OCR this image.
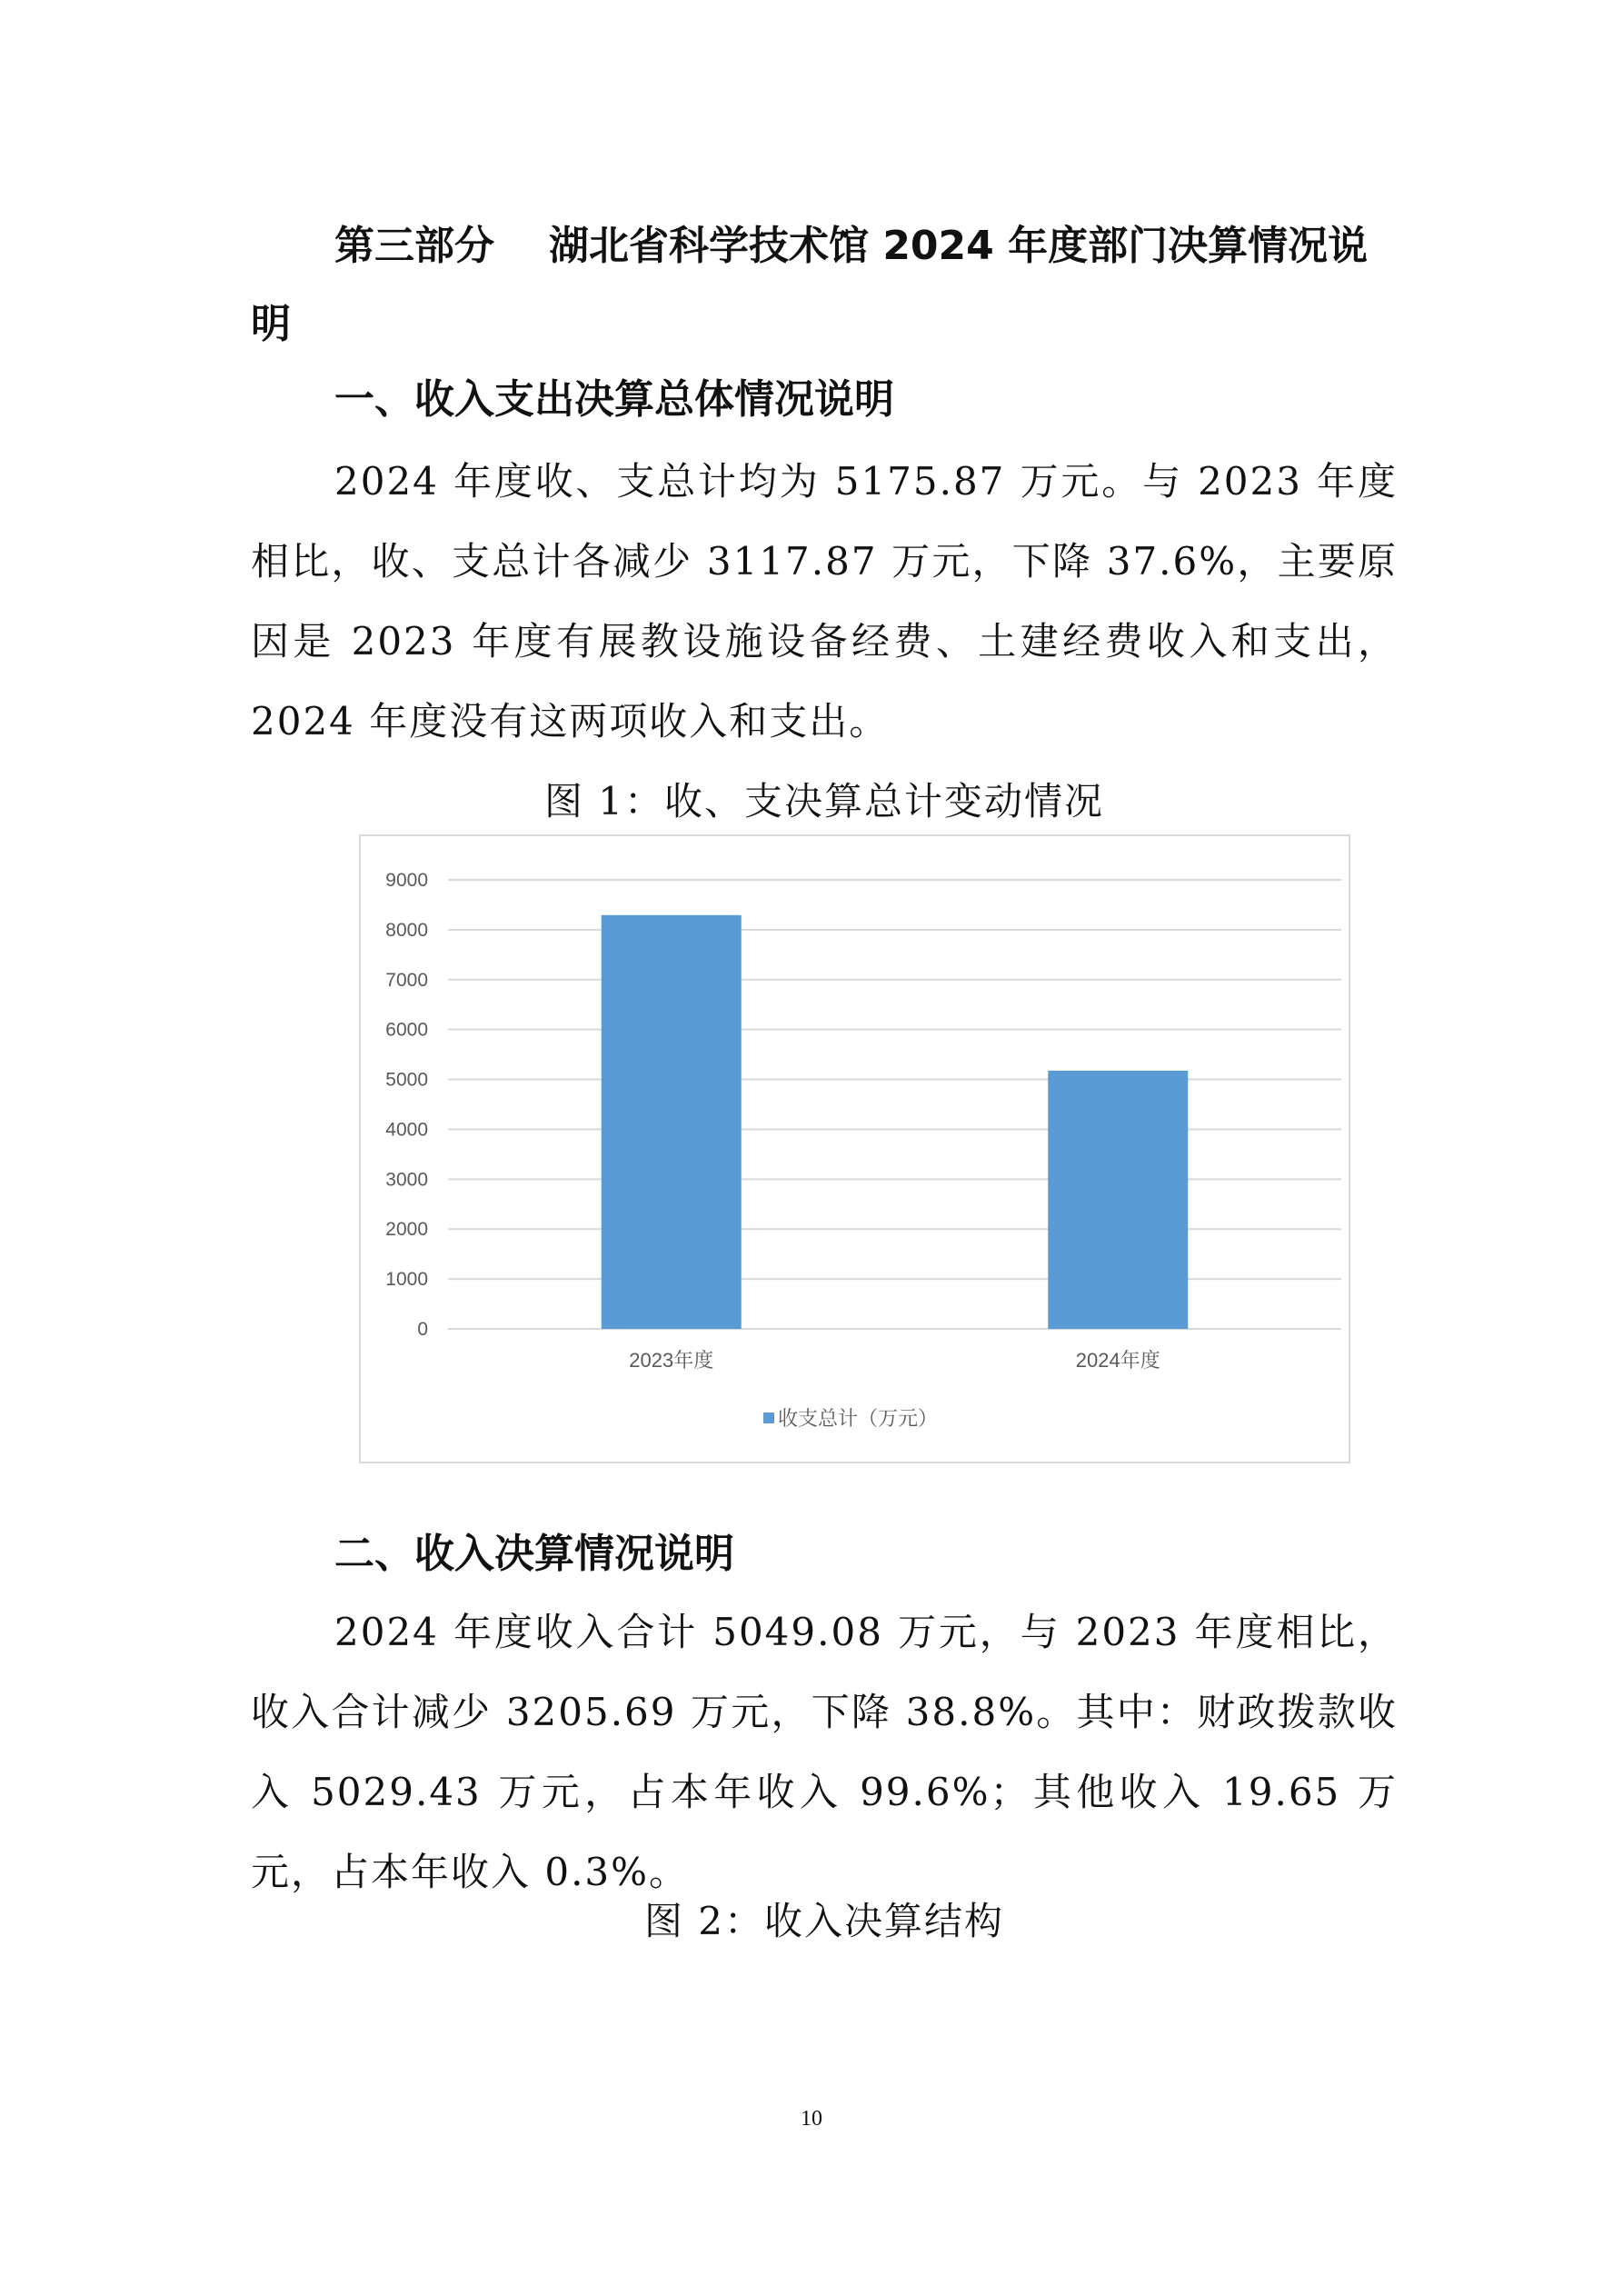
第三部分 湖北省科学技术馆 2024 年度部门决算情况说明
一、收入支出决算总体情况说明

2024 年度收、支总计均为 5175.87 万元。与 2023 年度相比，收、支总计各减少 3117.87 万元，下降 37.6%，主要原因是 2023 年度有展教设施设备经费、土建经费收入和支出，2024 年度没有这两项收入和支出。

图 1：收、支决算总计变动情况

0
1000
2000
3000
4000
5000
6000
7000
8000
9000
2023年度	2024年度
收支总计（万元）
二、收入决算情况说明

2024 年度收入合计 5049.08 万元，与 2023 年度相比，收入合计减少 3205.69 万元，下降 38.8%。其中：财政拨款收入 5029.43 万元，占本年收入 99.6%；其他收入 19.65 万元，占本年收入 0.3%。

图 2：收入决算结构

10
